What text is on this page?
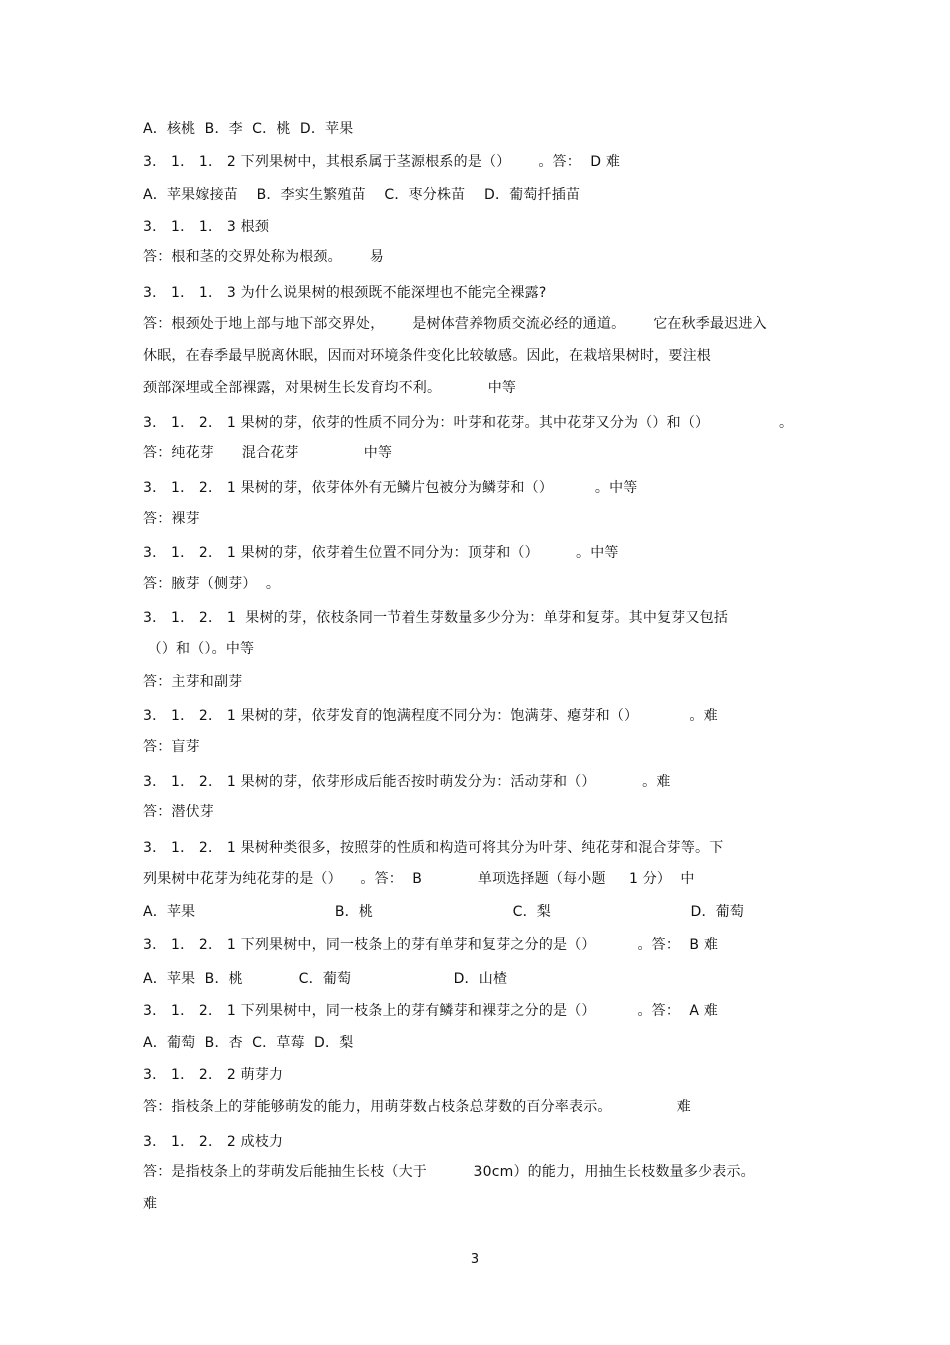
A．核桃  B．李  C．桃  D．苹果
3． 1． 1． 2 下列果树中，其根系属于茎源根系的是（）      。答：  D 难
A．苹果嫁接苗    B．李实生繁殖苗    C．枣分株苗    D．葡萄扦插苗
3． 1． 1． 3 根颈
答：根和茎的交界处称为根颈。      易
3． 1． 1． 3 为什么说果树的根颈既不能深埋也不能完全裸露?
答：根颈处于地上部与地下部交界处，      是树体营养物质交流必经的通道。      它在秋季最迟进入
休眠，在春季最早脱离休眠，因而对环境条件变化比较敏感。因此，在栽培果树时，要注根
颈部深埋或全部裸露，对果树生长发育均不利。          中等
3． 1． 2． 1 果树的芽，依芽的性质不同分为：叶芽和花芽。其中花芽又分为（）和（）               。
答：纯花芽      混合花芽              中等
3． 1． 2． 1 果树的芽，依芽体外有无鳞片包被分为鳞芽和（）         。中等
答：裸芽
3． 1． 2． 1 果树的芽，依芽着生位置不同分为：顶芽和（）        。中等
答：腋芽（侧芽）  。
3． 1． 2． 1  果树的芽，依枝条同一节着生芽数量多少分为：单芽和复芽。其中复芽又包括
（）和（）。中等
答：主芽和副芽
3． 1． 2． 1 果树的芽，依芽发育的饱满程度不同分为：饱满芽、瘪芽和（）           。难
答：盲芽
3． 1． 2． 1 果树的芽，依芽形成后能否按时萌发分为：活动芽和（）          。难
答：潜伏芽
3． 1． 2． 1 果树种类很多，按照芽的性质和构造可将其分为叶芽、纯花芽和混合芽等。下
列果树中花芽为纯花芽的是（）    。答：  B            单项选择题（每小题     1 分）  中
A．苹果                              B．桃                              C．梨                              D．葡萄
3． 1． 2． 1 下列果树中，同一枝条上的芽有单芽和复芽之分的是（）         。答：  B 难
A．苹果  B．桃            C．葡萄                      D．山楂
3． 1． 2． 1 下列果树中，同一枝条上的芽有鳞芽和裸芽之分的是（）         。答：  A 难
A．葡萄  B．杏  C．草莓  D．梨
3． 1． 2． 2 萌芽力
答：指枝条上的芽能够萌发的能力，用萌芽数占枝条总芽数的百分率表示。              难
3． 1． 2． 2 成枝力
答：是指枝条上的芽萌发后能抽生长枝（大于          30cm）的能力，用抽生长枝数量多少表示。
难
3
